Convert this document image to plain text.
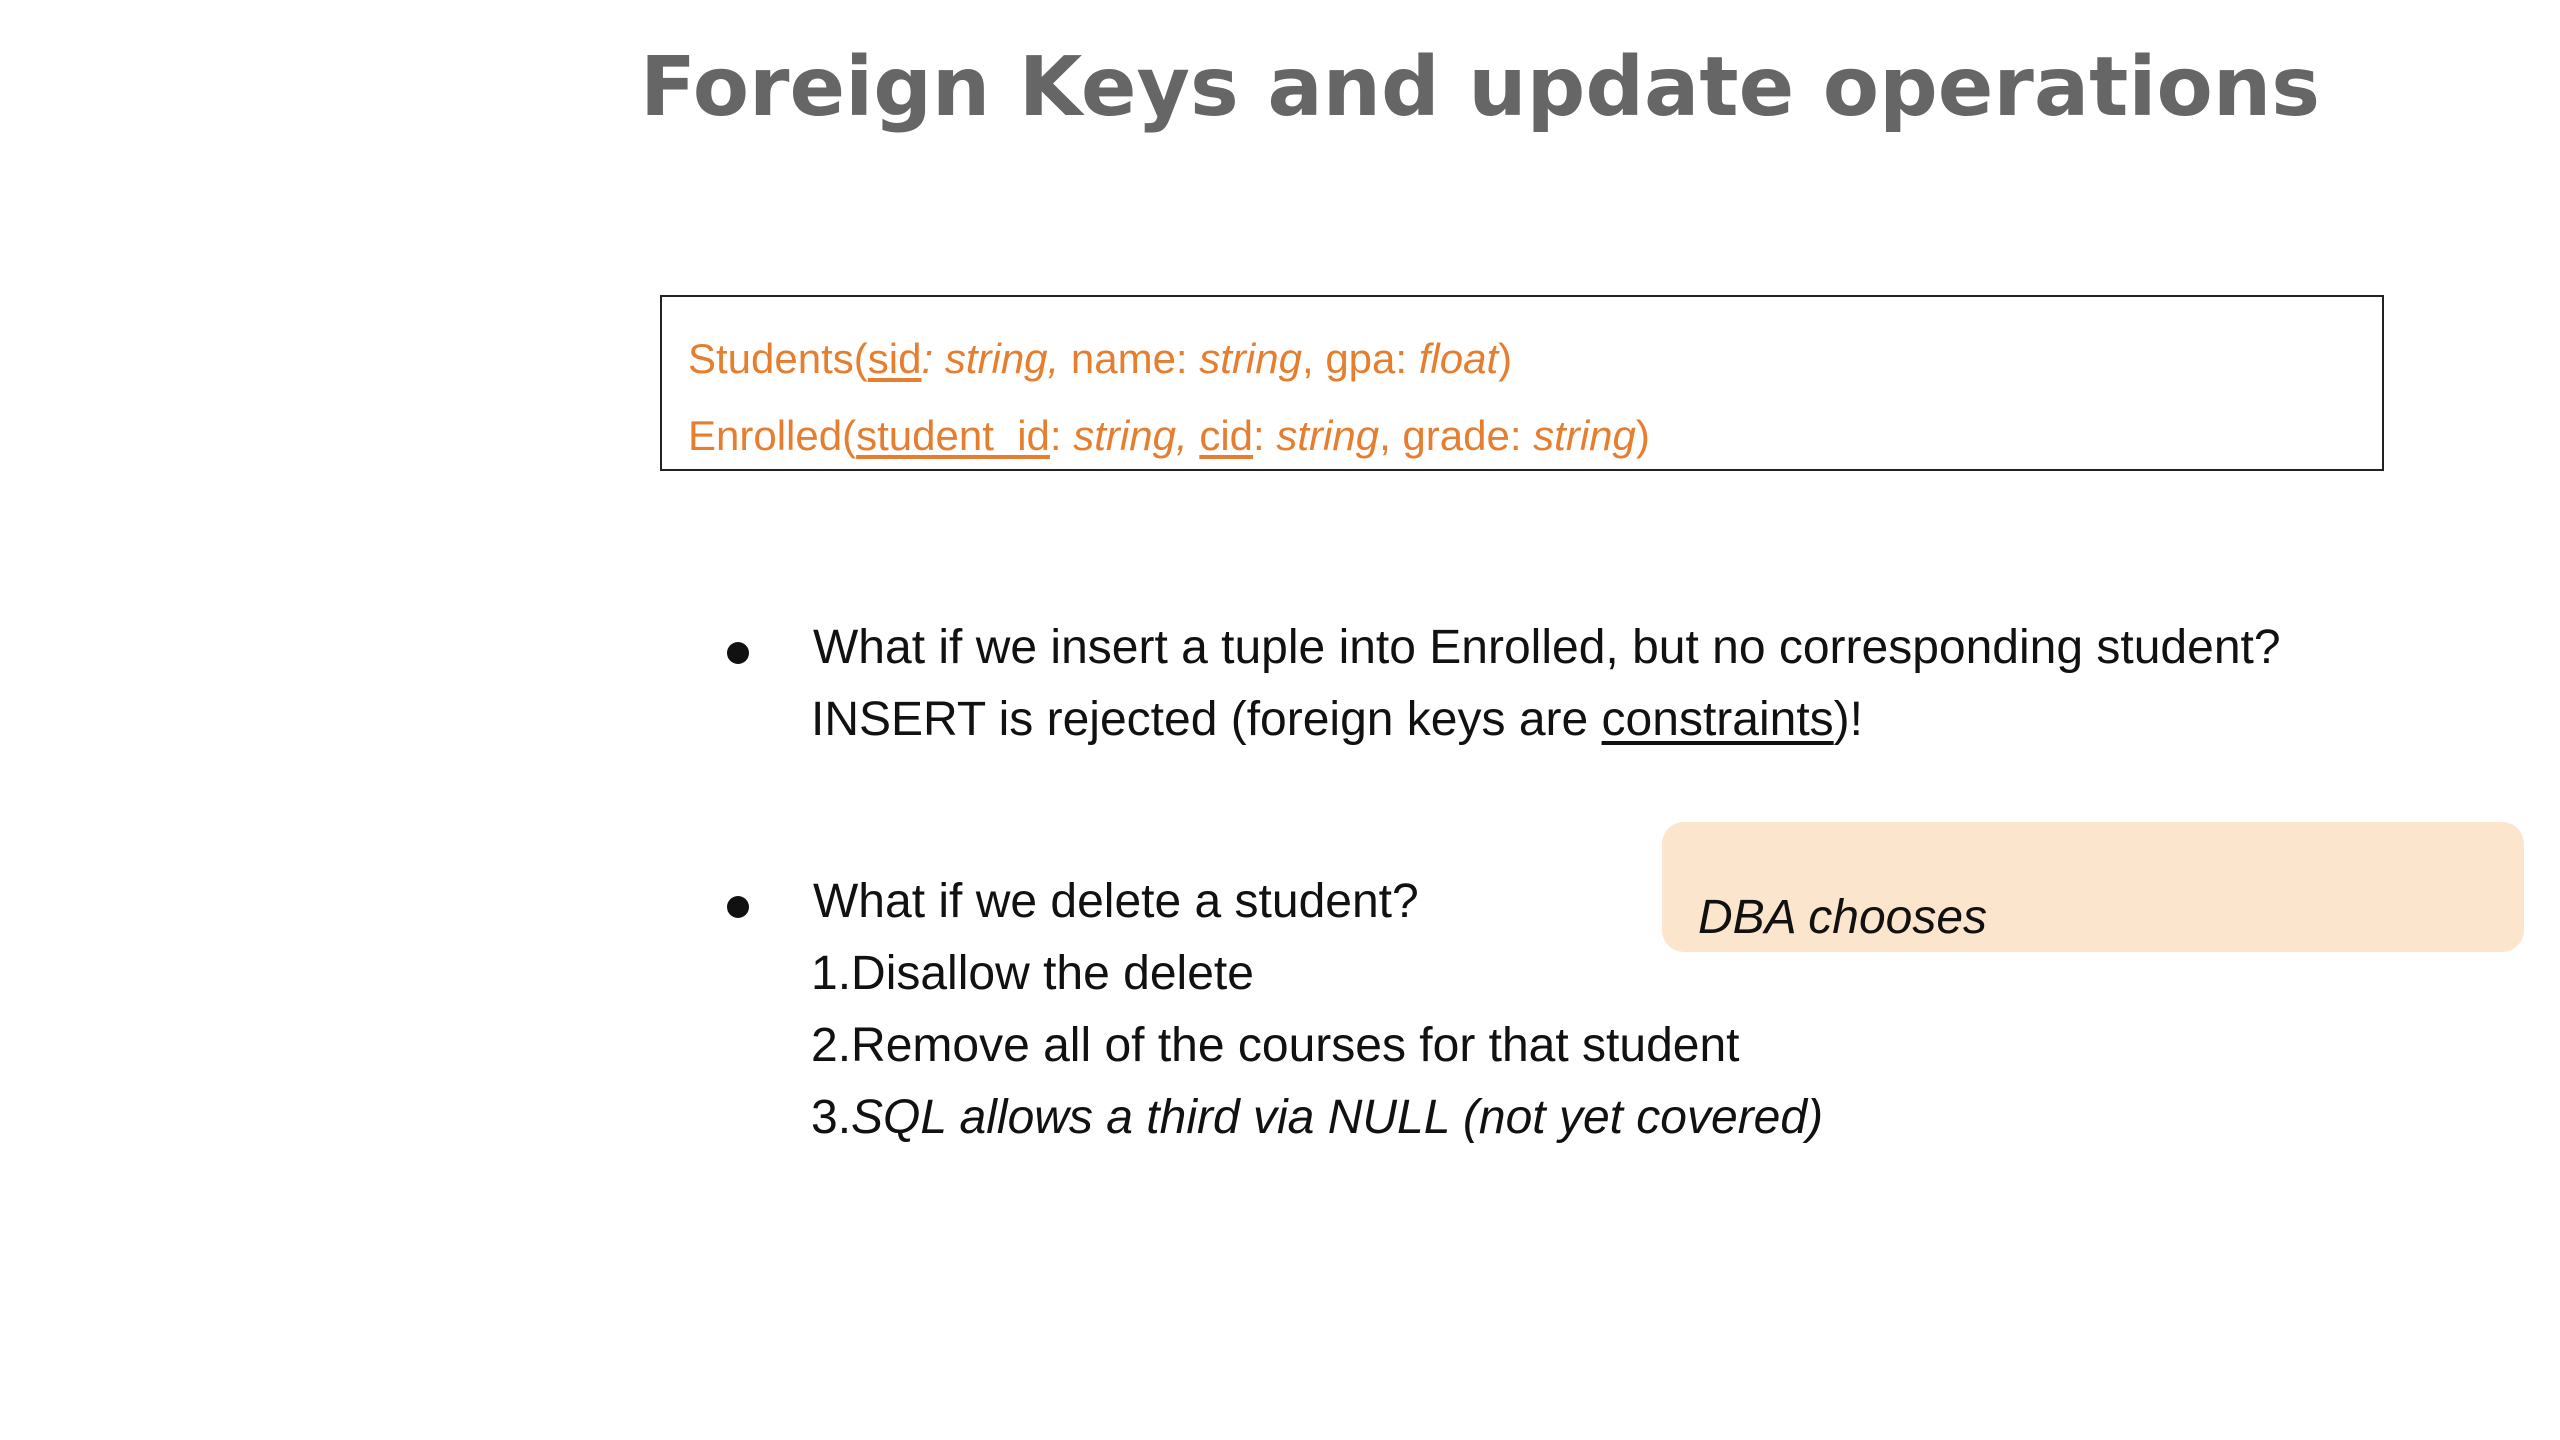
Foreign Keys and update operations
Students(sid: string, name: string, gpa: float)
Enrolled(student_id: string, cid: string, grade: string)
What if we insert a tuple into Enrolled, but no corresponding student?
INSERT is rejected (foreign keys are constraints)!
What if we delete a student?
1.Disallow the delete
2.Remove all of the courses for that student
3.SQL allows a third via NULL (not yet covered)
DBA chooses
